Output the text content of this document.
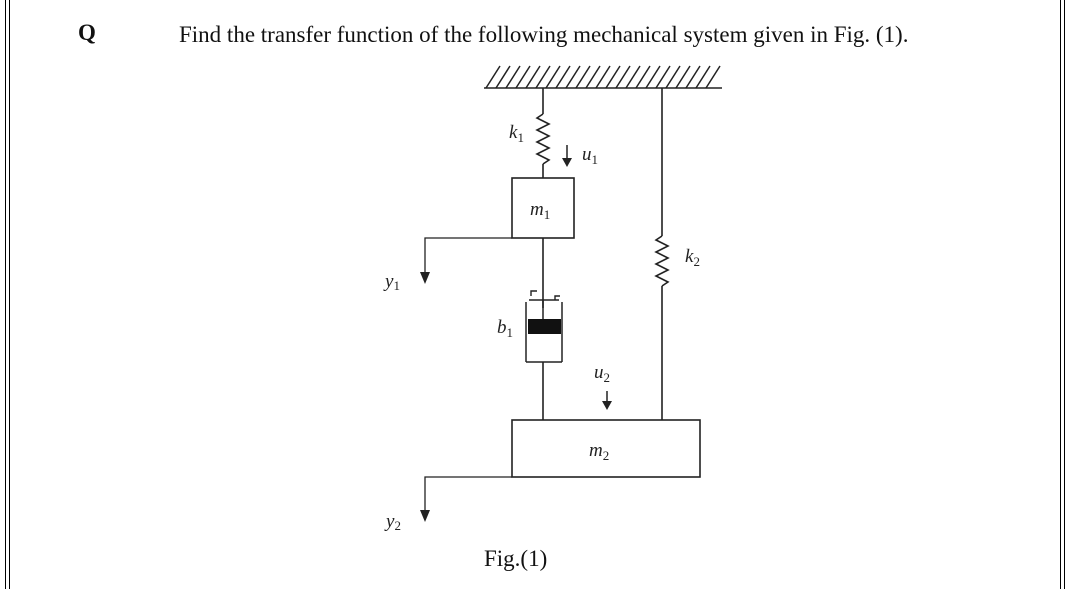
Q	Find the transfer function of the following mechanical system given in Fig. (1).
$k_1$
$u_1$
$m_1$
y1
$b_1$
$u_2$
$k_2$
$m_2$
y2
Fig.(1)
